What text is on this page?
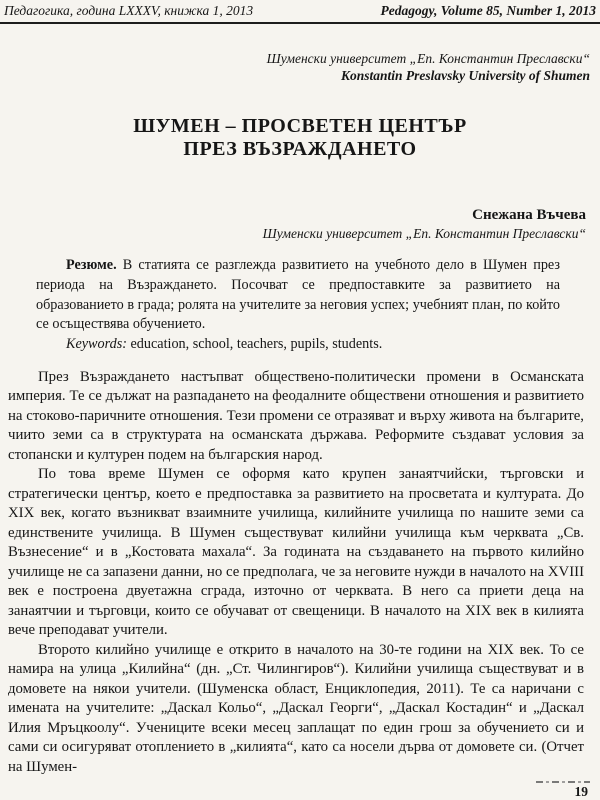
Педагогика, година LXXXV, книжка 1, 2013	Pedagogy, Volume 85, Number 1, 2013
Шуменски университет „Еп. Константин Преславски“
Konstantin Preslavsky University of Shumen
ШУМЕН – ПРОСВЕТЕН ЦЕНТЪР
ПРЕЗ ВЪЗРАЖДАНЕТО
Снежана Въчева
Шуменски университет „Еп. Константин Преславски“

Резюме. В статията се разглежда развитието на учебното дело в Шумен през периода на Възраждането. Посочват се предпоставките за развитието на образованието в града; ролята на учителите за неговия успех; учебният план, по който се осъществява обучението.

Keywords: education, school, teachers, pupils, students.

През Възраждането настъпват обществено-политически промени в Османската империя. Те се дължат на разпадането на феодалните обществени отношения и развитието на стоково-паричните отношения. Тези промени се отразяват и върху живота на българите, чиито земи са в структурата на османската държава. Реформите създават условия за стопански и културен подем на българския народ.

По това време Шумен се оформя като крупен занаятчийски, търговски и стратегически център, което е предпоставка за развитието на просветата и културата. До XIX век, когато възникват взаимните училища, килийните училища по нашите земи са единствените училища. В Шумен съществуват килийни училища към черквата „Св. Възнесение“ и в „Костовата махала“. За годината на създаването на първото килийно училище не са запазени данни, но се предполага, че за неговите нужди в началото на XVIII век е построена двуетажна сграда, източно от черквата. В него са приети деца на занаятчии и търговци, които се обучават от свещеници. В началото на XIX век в килията вече преподават учители.

Второто килийно училище е открито в началото на 30-те години на XIX век. То се намира на улица „Килийна“ (дн. „Ст. Чилингиров“). Килийни училища съществуват и в домовете на някои учители. (Шуменска област, Енциклопедия, 2011). Те са наричани с имената на учителите: „Даскал Кольо“, „Даскал Георги“, „Даскал Костадин“ и „Даскал Илия Мръцкоолу“. Учениците всеки месец заплащат по един грош за обучението си и сами си осигуряват отоплението в „килията“, като са носели дърва от домовете си. (Отчет на Шумен-

19
